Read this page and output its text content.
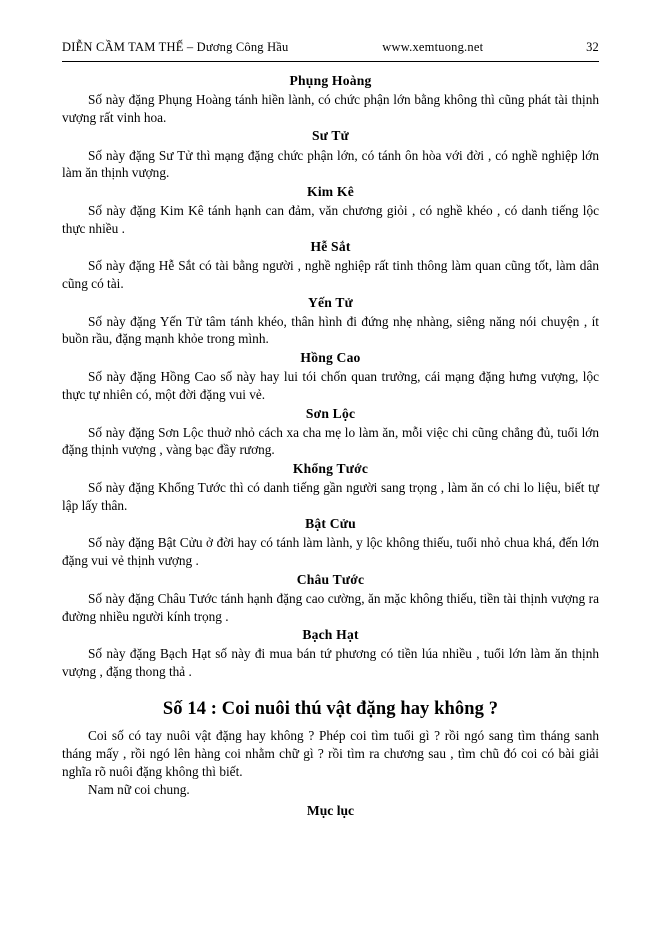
DIỄN CẦM TAM THẾ – Dương Công Hầu	www.xemtuong.net	32
Phụng Hoàng

Số này đặng Phụng Hoàng tánh hiền lành, có chức phận lớn bằng không thì cũng phát tài thịnh vượng rất vinh hoa.

Sư Tử

Số này đặng Sư Tử thì mạng đặng chức phận lớn, có tánh ôn hòa với đời , có nghề nghiệp lớn làm ăn thịnh vượng.

Kim Kê

Số này đặng Kim Kê tánh hạnh can đảm, văn chương giỏi , có nghề khéo , có danh tiếng lộc thực nhiều .

Hễ Sắt

Số này đặng Hễ Sắt có tài bằng người , nghề nghiệp rất tinh thông làm quan cũng tốt, làm dân cũng có tài.

Yến Tử

Số này đặng Yến Tử tâm tánh khéo, thân hình đi đứng nhẹ nhàng, siêng năng nói chuyện , ít buồn rầu, đặng mạnh khỏe trong mình.

Hồng Cao

Số này đặng Hồng Cao số này hay lui tói chốn quan trưởng, cái mạng đặng hưng vượng, lộc thực tự nhiên có, một đời đặng vui vẻ.

Sơn Lộc

Số này đặng Sơn Lộc thuở nhỏ cách xa cha mẹ lo làm ăn, mỗi việc chi cũng chẳng đủ, tuổi lớn đặng thịnh vượng , vàng bạc đầy rương.

Khổng Tước

Số này đặng Khổng Tước thì có danh tiếng gần người sang trọng , làm ăn có chi lo liệu, biết tự lập lấy thân.

Bật Cửu

Số này đặng Bật Cửu ở đời hay có tánh làm lành, y lộc không thiếu, tuổi nhỏ chua khá, đến lớn đặng vui vẻ thịnh vượng .

Châu Tước

Số này đặng Châu Tước tánh hạnh đặng cao cường, ăn mặc không thiếu, tiền tài thịnh vượng ra đường nhiều người kính trọng .

Bạch Hạt

Số này đặng Bạch Hạt số này đi mua bán tứ phương có tiền lúa nhiều , tuổi lớn làm ăn thịnh vượng , đặng thong thả .

Số 14 : Coi nuôi thú vật đặng hay không ?

Coi số có tay nuôi vật đặng hay không ? Phép coi tìm tuổi gì ? rồi ngó sang tìm tháng sanh tháng mấy , rồi ngó lên hàng coi nhằm chữ gì ? rồi tìm ra chương sau , tìm chũ đó coi có bài giải nghĩa rõ nuôi đặng không thì biết.

Nam nữ coi chung.

Mục lục
